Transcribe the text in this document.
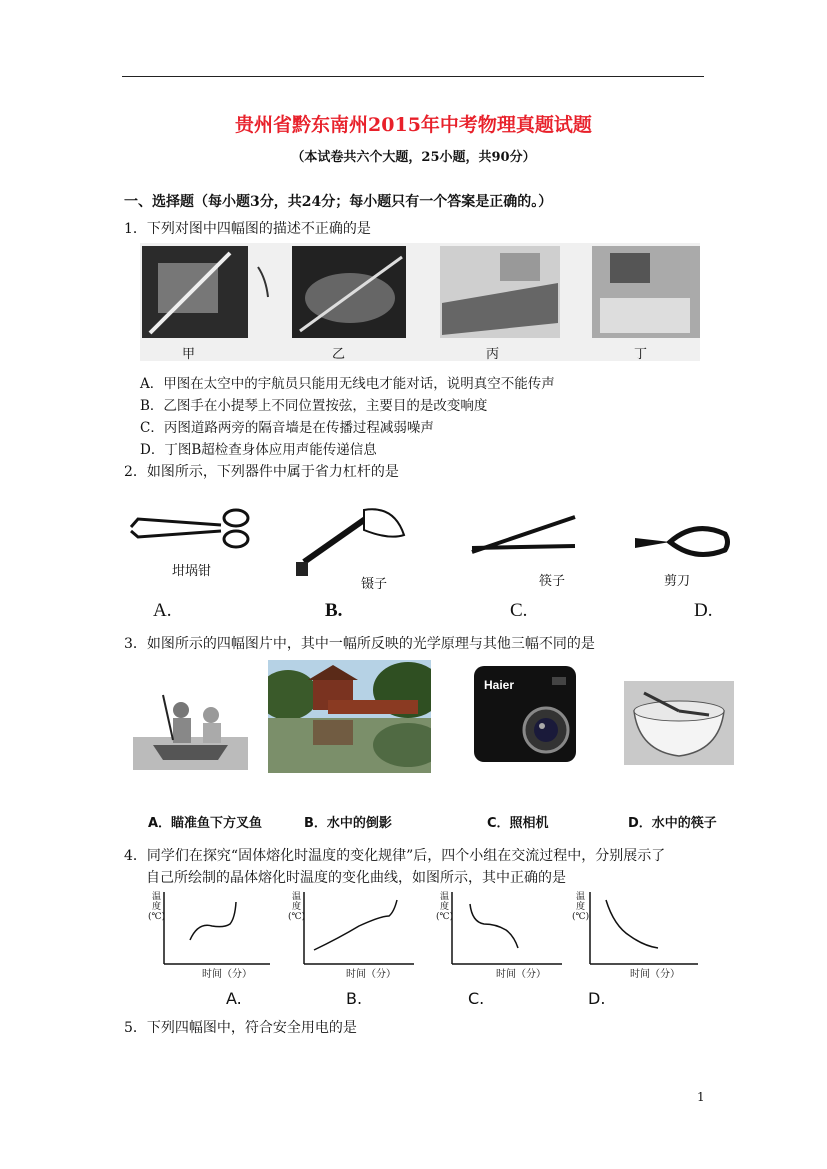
贵州省黔东南州2015年中考物理真题试题
（本试卷共六个大题，25小题，共90分）
一、选择题（每小题3分，共24分；每小题只有一个答案是正确的。）
1．下列对图中四幅图的描述不正确的是
甲	乙	丙	丁
A．甲图在太空中的宇航员只能用无线电才能对话，说明真空不能传声
B．乙图手在小提琴上不同位置按弦，主要目的是改变响度
C．丙图道路两旁的隔音墙是在传播过程减弱噪声
D．丁图B超检查身体应用声能传递信息
2．如图所示，下列器件中属于省力杠杆的是
坩埚钳
镊子	筷子	剪刀
A.	B.	C.	D.
3．如图所示的四幅图片中，其中一幅所反映的光学原理与其他三幅不同的是
Haier
A．瞄准鱼下方叉鱼	B．水中的倒影	C．照相机	D．水中的筷子
4．同学们在探究“固体熔化时温度的变化规律”后，四个小组在交流过程中，分别展示了
自己所绘制的晶体熔化时温度的变化曲线，如图所示，其中正确的是
温
度
(℃)
时间（分）
温
度
(℃)
时间（分）
温
度
(℃)
时间（分）
温
度
(℃)
时间（分）
A.	B.	C.	D.
5．下列四幅图中，符合安全用电的是
1
